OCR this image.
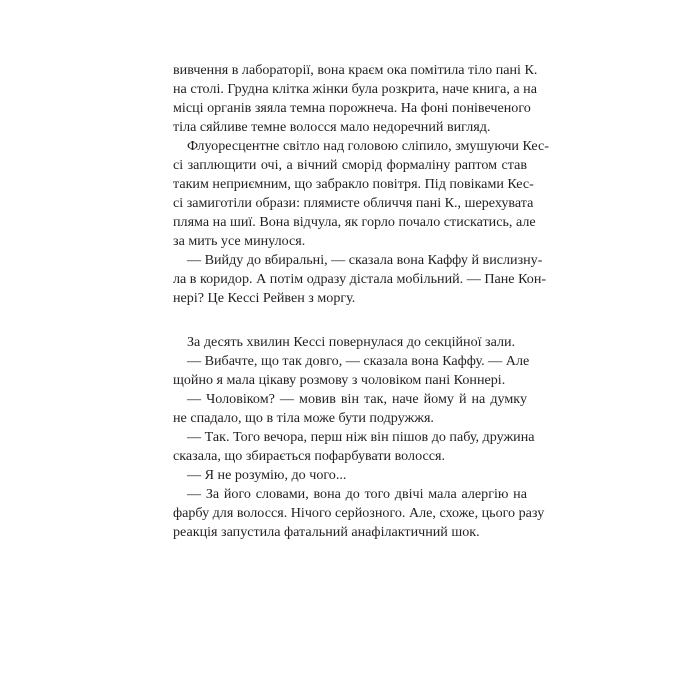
вивчення в лабораторії, вона краєм ока помітила тіло пані К.
на столі. Грудна клітка жінки була розкрита, наче книга, а на
місці органів зяяла темна порожнеча. На фоні понівеченого
тіла сяйливе темне волосся мало недоречний вигляд.
Флуоресцентне світло над головою сліпило, змушуючи Кес-
сі заплющити очі, а вічний сморід формаліну раптом став
таким неприємним, що забракло повітря. Під повіками Кес-
сі замиготіли образи: плямисте обличчя пані К., шерехувата
пляма на шиї. Вона відчула, як горло почало стискатись, але
за мить усе минулося.
— Вийду до вбиральні, — сказала вона Каффу й вислизну-
ла в коридор. А потім одразу дістала мобільний. — Пане Кон-
нері? Це Кессі Рейвен з моргу.
За десять хвилин Кессі повернулася до секційної зали.
— Вибачте, що так довго, — сказала вона Каффу. — Але
щойно я мала цікаву розмову з чоловіком пані Коннері.
— Чоловіком? — мовив він так, наче йому й на думку
не спадало, що в тіла може бути подружжя.
— Так. Того вечора, перш ніж він пішов до пабу, дружина
сказала, що збирається пофарбувати волосся.
— Я не розумію, до чого...
— За його словами, вона до того двічі мала алергію на
фарбу для волосся. Нічого серйозного. Але, схоже, цього разу
реакція запустила фатальний анафілактичний шок.
